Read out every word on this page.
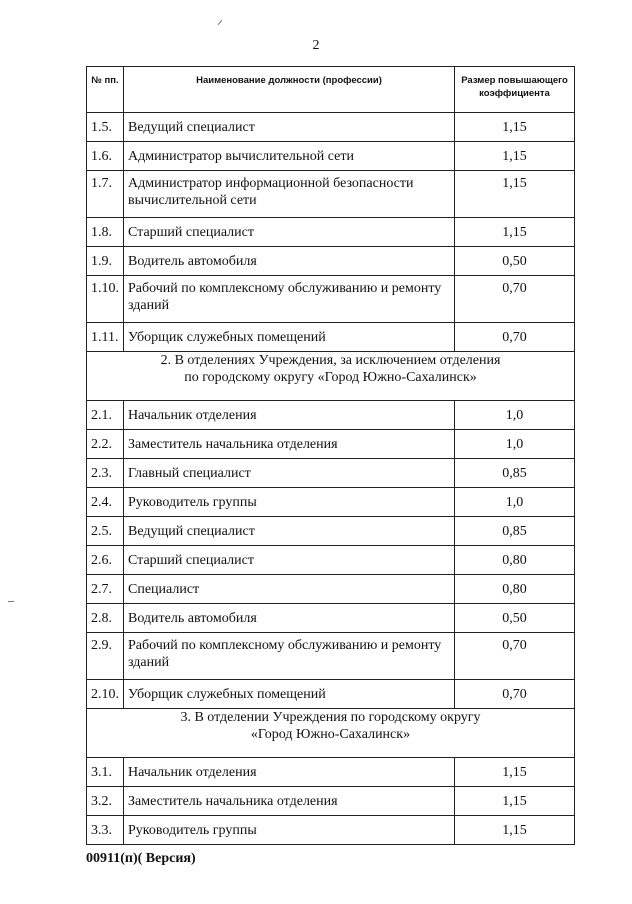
2
№ пп.	Наименование должности (профессии)	Размер повышающего коэффициента
1.5.	Ведущий специалист	1,15
1.6.	Администратор вычислительной сети	1,15
1.7.	Администратор информационной безопасности вычислительной сети	1,15
1.8.	Старший специалист	1,15
1.9.	Водитель автомобиля	0,50
1.10.	Рабочий по комплексному обслуживанию и ремонту зданий	0,70
1.11.	Уборщик служебных помещений	0,70

2. В отделениях Учреждения, за исключением отделения
по городскому округу «Город Южно-Сахалинск»		

2.1.	Начальник отделения	1,0
2.2.	Заместитель начальника отделения	1,0
2.3.	Главный специалист	0,85
2.4.	Руководитель группы	1,0
2.5.	Ведущий специалист	0,85
2.6.	Старший специалист	0,80
2.7.	Специалист	0,80
2.8.	Водитель автомобиля	0,50
2.9.	Рабочий по комплексному обслуживанию и ремонту зданий	0,70
2.10.	Уборщик служебных помещений	0,70

3. В отделении Учреждения по городскому округу
«Город Южно-Сахалинск»		

3.1.	Начальник отделения	1,15
3.2.	Заместитель начальника отделения	1,15
3.3.	Руководитель группы	1,15
00911(п)( Версия)
